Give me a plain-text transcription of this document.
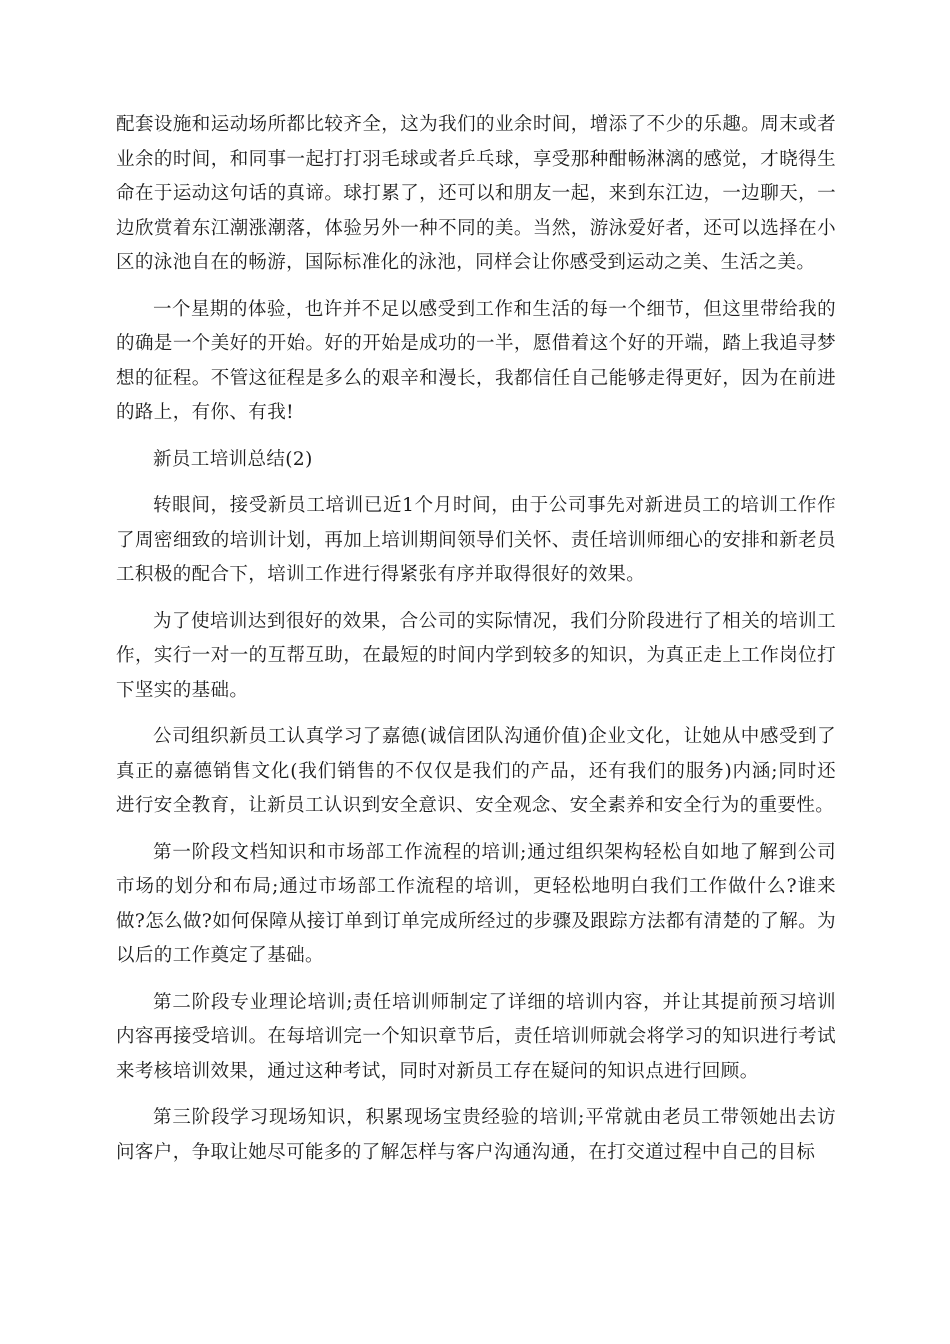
配套设施和运动场所都比较齐全，这为我们的业余时间，增添了不少的乐趣。周末或者业余的时间，和同事一起打打羽毛球或者乒乓球，享受那种酣畅淋漓的感觉，才晓得生命在于运动这句话的真谛。球打累了，还可以和朋友一起，来到东江边，一边聊天，一边欣赏着东江潮涨潮落，体验另外一种不同的美。当然，游泳爱好者，还可以选择在小区的泳池自在的畅游，国际标准化的泳池，同样会让你感受到运动之美、生活之美。

一个星期的体验，也许并不足以感受到工作和生活的每一个细节，但这里带给我的的确是一个美好的开始。好的开始是成功的一半，愿借着这个好的开端，踏上我追寻梦想的征程。不管这征程是多么的艰辛和漫长，我都信任自己能够走得更好，因为在前进的路上，有你、有我!

新员工培训总结(2)

转眼间，接受新员工培训已近1个月时间，由于公司事先对新进员工的培训工作作了周密细致的培训计划，再加上培训期间领导们关怀、责任培训师细心的安排和新老员工积极的配合下，培训工作进行得紧张有序并取得很好的效果。

为了使培训达到很好的效果，合公司的实际情况，我们分阶段进行了相关的培训工作，实行一对一的互帮互助，在最短的时间内学到较多的知识，为真正走上工作岗位打下坚实的基础。

公司组织新员工认真学习了嘉德(诚信团队沟通价值)企业文化，让她从中感受到了真正的嘉德销售文化(我们销售的不仅仅是我们的产品，还有我们的服务)内涵;同时还进行安全教育，让新员工认识到安全意识、安全观念、安全素养和安全行为的重要性。

第一阶段文档知识和市场部工作流程的培训;通过组织架构轻松自如地了解到公司市场的划分和布局;通过市场部工作流程的培训，更轻松地明白我们工作做什么?谁来做?怎么做?如何保障从接订单到订单完成所经过的步骤及跟踪方法都有清楚的了解。为以后的工作奠定了基础。

第二阶段专业理论培训;责任培训师制定了详细的培训内容，并让其提前预习培训内容再接受培训。在每培训完一个知识章节后，责任培训师就会将学习的知识进行考试来考核培训效果，通过这种考试，同时对新员工存在疑问的知识点进行回顾。

第三阶段学习现场知识，积累现场宝贵经验的培训;平常就由老员工带领她出去访问客户，争取让她尽可能多的了解怎样与客户沟通沟通，在打交道过程中自己的目标
